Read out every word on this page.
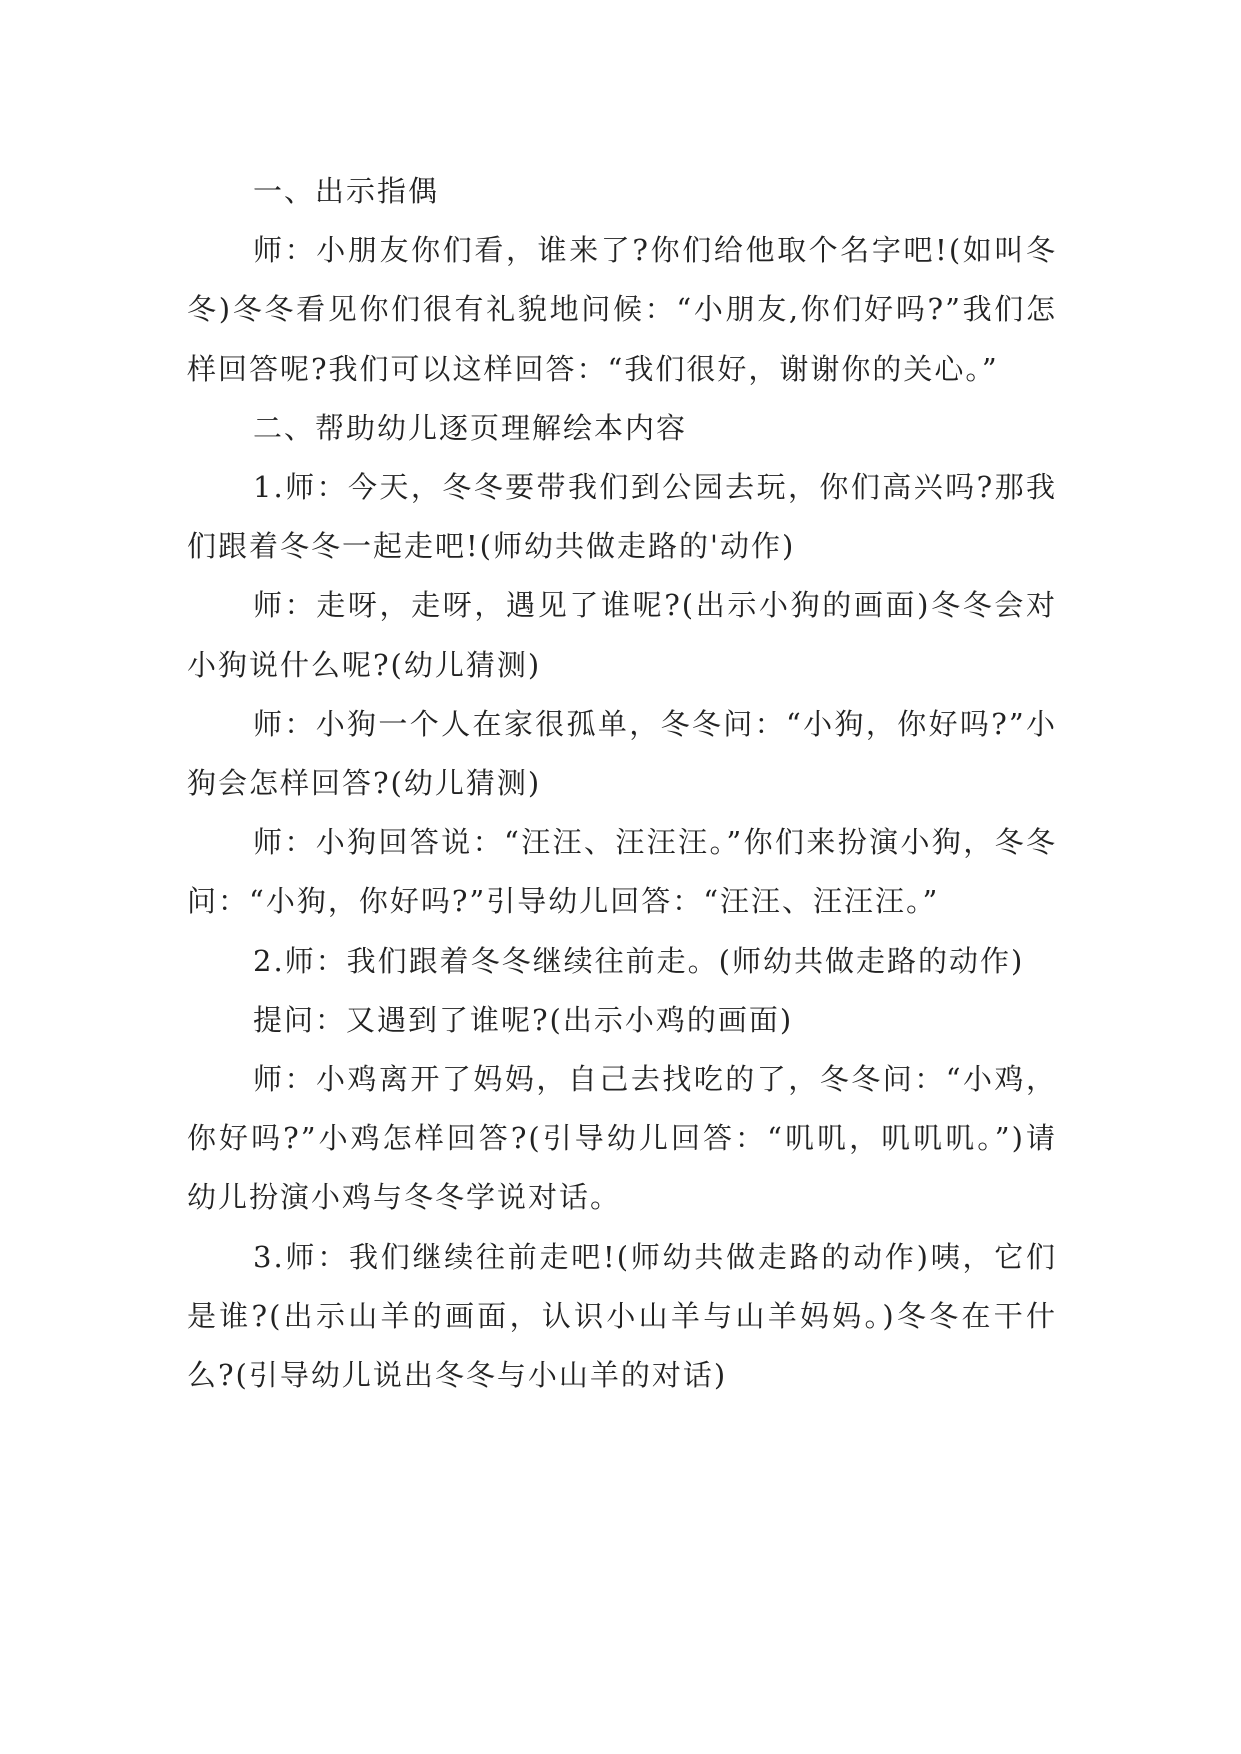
一、出示指偶

师：小朋友你们看，谁来了?你们给他取个名字吧!(如叫冬冬)冬冬看见你们很有礼貌地问候：“小朋友,你们好吗?”我们怎样回答呢?我们可以这样回答：“我们很好，谢谢你的关心。”

二、帮助幼儿逐页理解绘本内容

1.师：今天，冬冬要带我们到公园去玩，你们高兴吗?那我们跟着冬冬一起走吧!(师幼共做走路的'动作)

师：走呀，走呀，遇见了谁呢?(出示小狗的画面)冬冬会对小狗说什么呢?(幼儿猜测)

师：小狗一个人在家很孤单，冬冬问：“小狗，你好吗?”小狗会怎样回答?(幼儿猜测)

师：小狗回答说：“汪汪、汪汪汪。”你们来扮演小狗，冬冬问：“小狗，你好吗?”引导幼儿回答：“汪汪、汪汪汪。”

2.师：我们跟着冬冬继续往前走。(师幼共做走路的动作)

提问：又遇到了谁呢?(出示小鸡的画面)

师：小鸡离开了妈妈，自己去找吃的了，冬冬问：“小鸡，你好吗?”小鸡怎样回答?(引导幼儿回答：“叽叽，叽叽叽。”)请幼儿扮演小鸡与冬冬学说对话。

3.师：我们继续往前走吧!(师幼共做走路的动作)咦，它们是谁?(出示山羊的画面，认识小山羊与山羊妈妈。)冬冬在干什么?(引导幼儿说出冬冬与小山羊的对话)
